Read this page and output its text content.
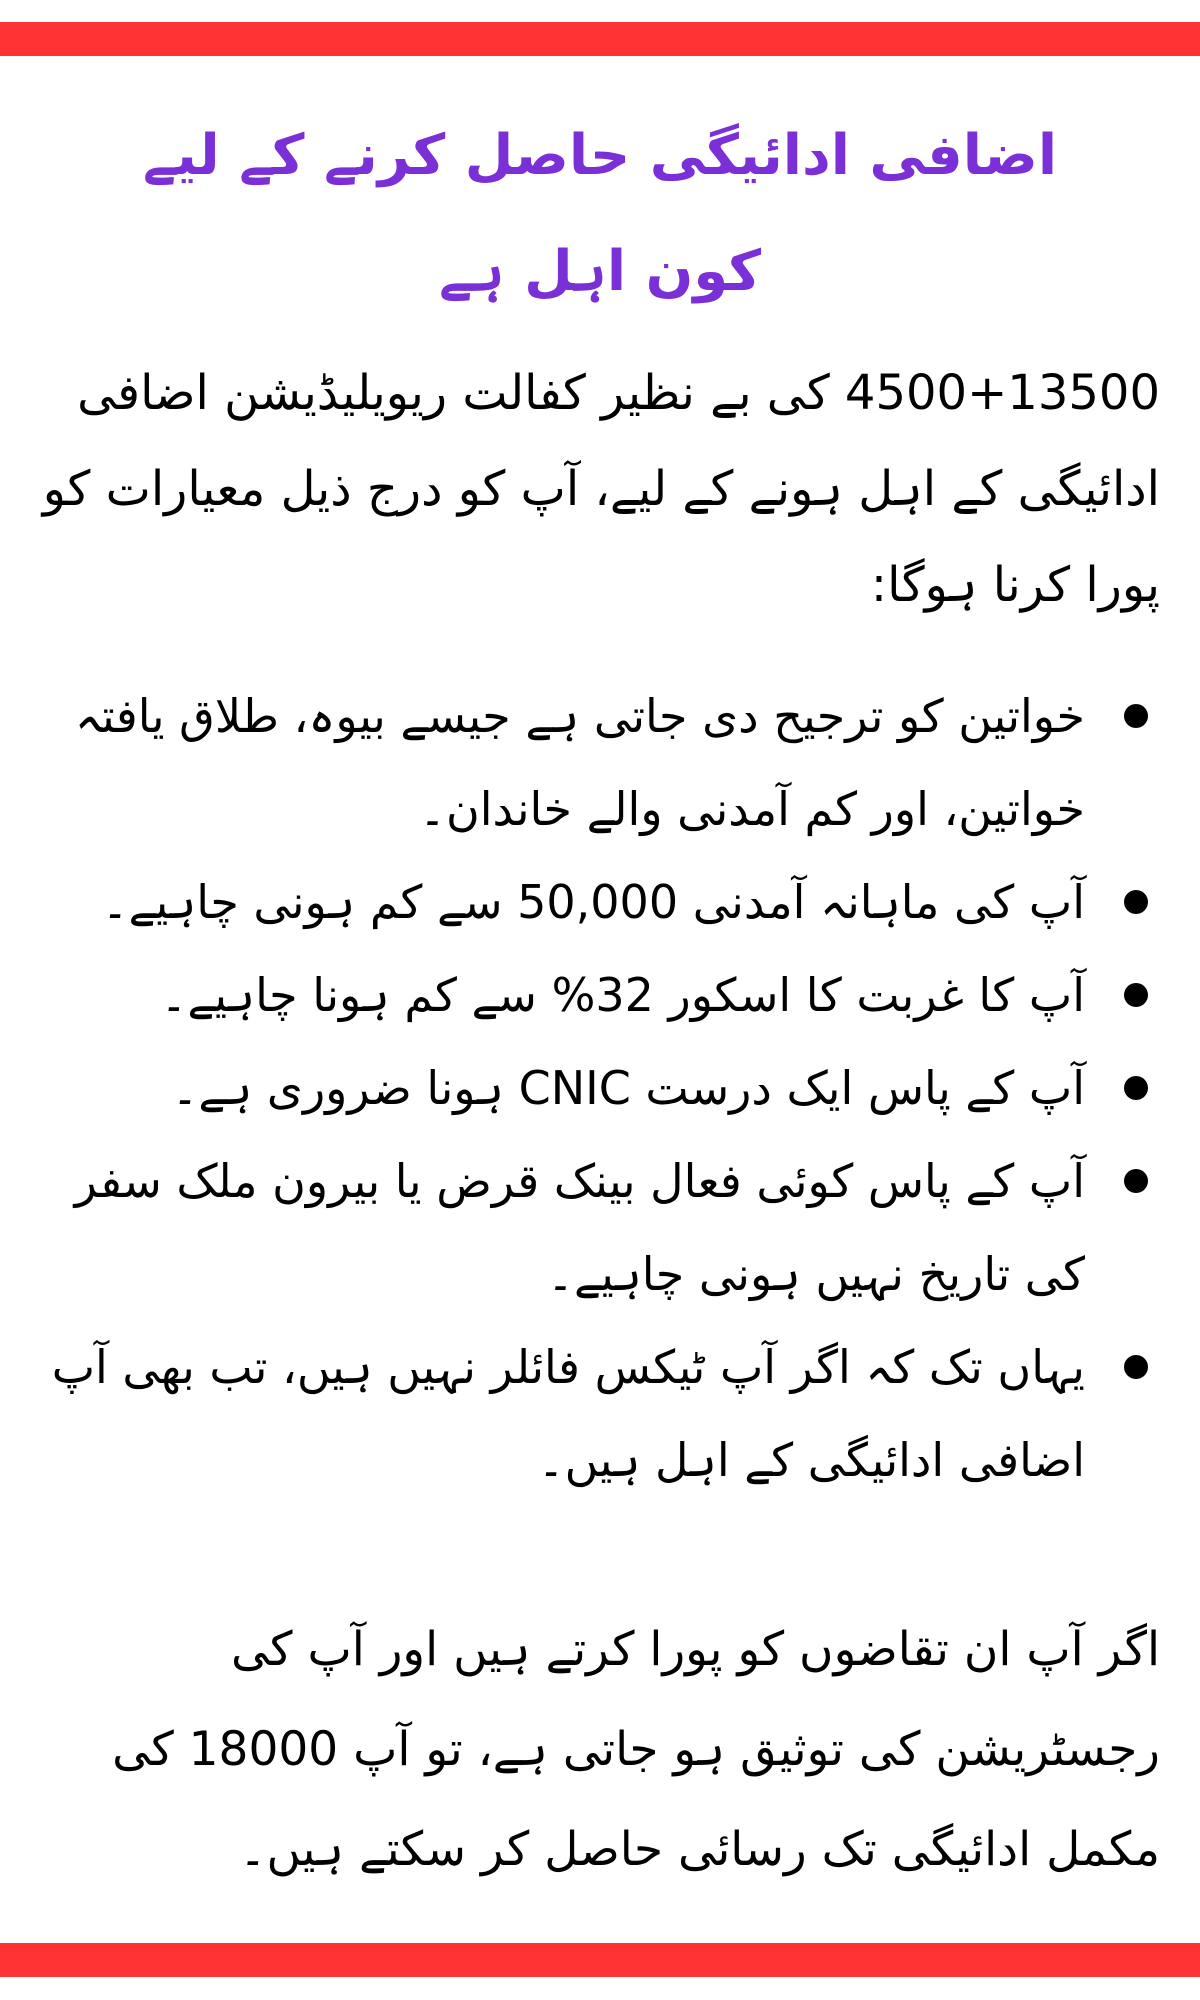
اضافی ادائیگی حاصل کرنے کے لیے
کون اہل ہے

4500+13500 کی بے نظیر کفالت ریویلیڈیشن اضافی ادائیگی کے اہل ہونے کے لیے، آپ کو درج ذیل معیارات کو پورا کرنا ہوگا:

خواتین کو ترجیح دی جاتی ہے جیسے بیوہ، طلاق یافتہ خواتین، اور کم آمدنی والے خاندان۔
آپ کی ماہانہ آمدنی 50,000 سے کم ہونی چاہیے۔
آپ کا غربت کا اسکور 32% سے کم ہونا چاہیے۔
آپ کے پاس ایک درست CNIC ہونا ضروری ہے۔
آپ کے پاس کوئی فعال بینک قرض یا بیرون ملک سفر کی تاریخ نہیں ہونی چاہیے۔
یہاں تک کہ اگر آپ ٹیکس فائلر نہیں ہیں، تب بھی آپ اضافی ادائیگی کے اہل ہیں۔

اگر آپ ان تقاضوں کو پورا کرتے ہیں اور آپ کی رجسٹریشن کی توثیق ہو جاتی ہے، تو آپ 18000 کی مکمل ادائیگی تک رسائی حاصل کر سکتے ہیں۔
